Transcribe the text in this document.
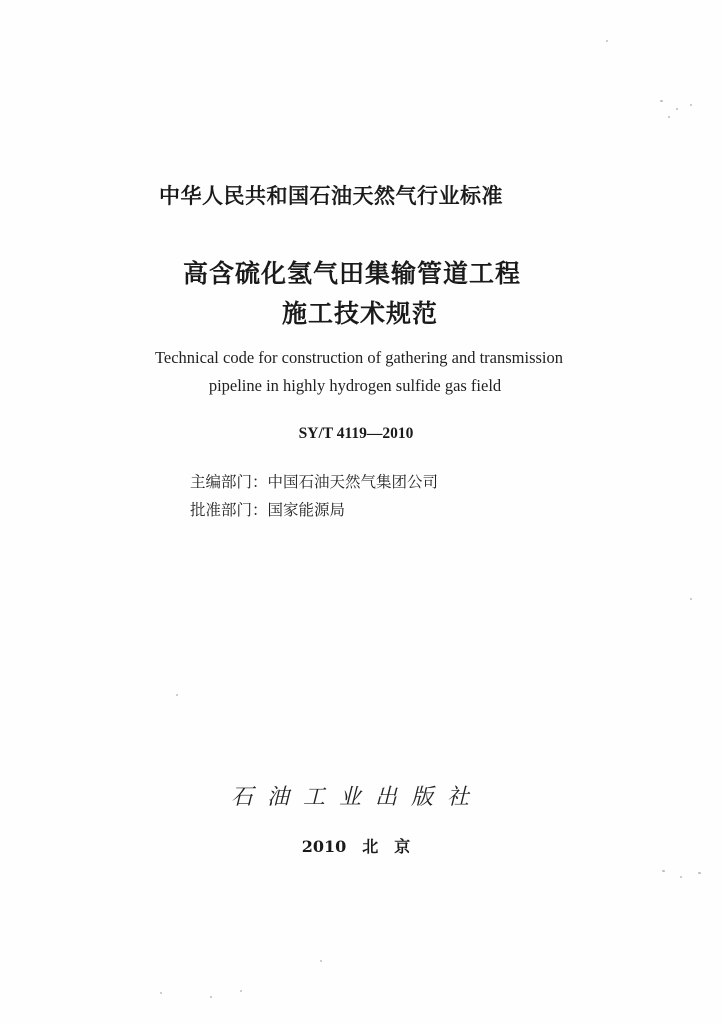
中华人民共和国石油天然气行业标准

高含硫化氢气田集输管道工程

施工技术规范

Technical code for construction of gathering and transmission

pipeline in highly hydrogen sulfide gas field

SY/T 4119—2010

主编部门：中国石油天然气集团公司

批准部门：国家能源局

石油工业出版社

2010　北　京
